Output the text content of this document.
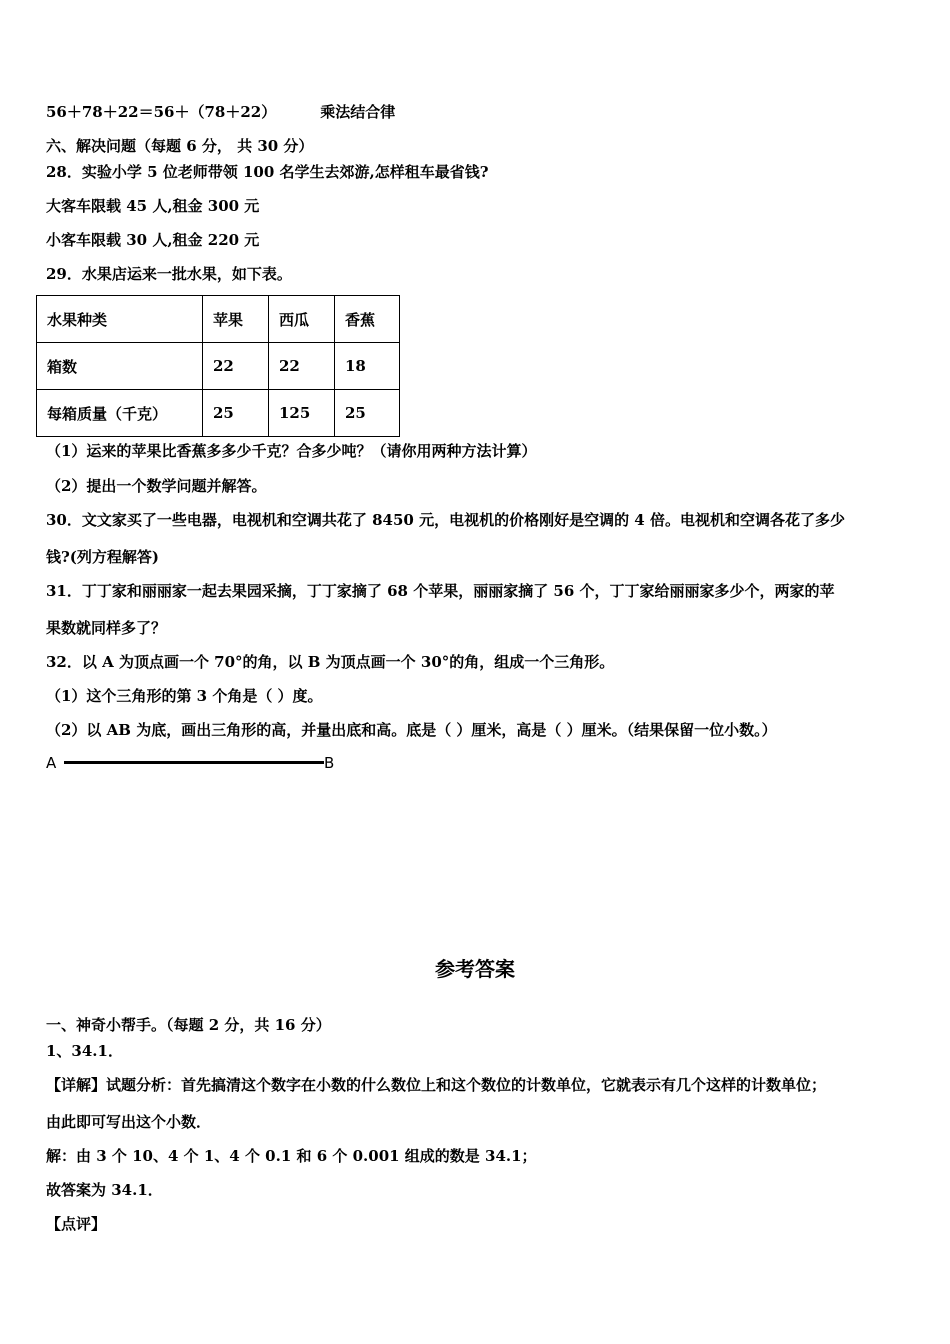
56＋78＋22＝56＋（78＋22）	乘法结合律
六、解决问题（每题 6 分， 共 30 分）
28．实验小学 5 位老师带领 100 名学生去郊游,怎样租车最省钱?
大客车限载 45 人,租金 300 元
小客车限载 30 人,租金 220 元
29．水果店运来一批水果，如下表。
水果种类	苹果	西瓜	香蕉
箱数	22	22	18
每箱质量（千克）	25	125	25
（1）运来的苹果比香蕉多多少千克？合多少吨？（请你用两种方法计算）
（2）提出一个数学问题并解答。
30．文文家买了一些电器，电视机和空调共花了 8450 元，电视机的价格刚好是空调的 4 倍。电视机和空调各花了多少
钱?(列方程解答)
31．丁丁家和丽丽家一起去果园采摘，丁丁家摘了 68 个苹果，丽丽家摘了 56 个，丁丁家给丽丽家多少个，两家的苹
果数就同样多了？
32．以 A 为顶点画一个 70°的角，以 B 为顶点画一个 30°的角，组成一个三角形。
（1）这个三角形的第 3 个角是（ ）度。
（2）以 AB 为底，画出三角形的高，并量出底和高。底是（ ）厘米，高是（ ）厘米。（结果保留一位小数。）
A	B
参考答案
一、神奇小帮手。（每题 2 分，共 16 分）
1、34.1．
【详解】试题分析：首先搞清这个数字在小数的什么数位上和这个数位的计数单位，它就表示有几个这样的计数单位；
由此即可写出这个小数．
解：由 3 个 10、4 个 1、4 个 0.1 和 6 个 0.001 组成的数是 34.1；
故答案为 34.1．
【点评】
